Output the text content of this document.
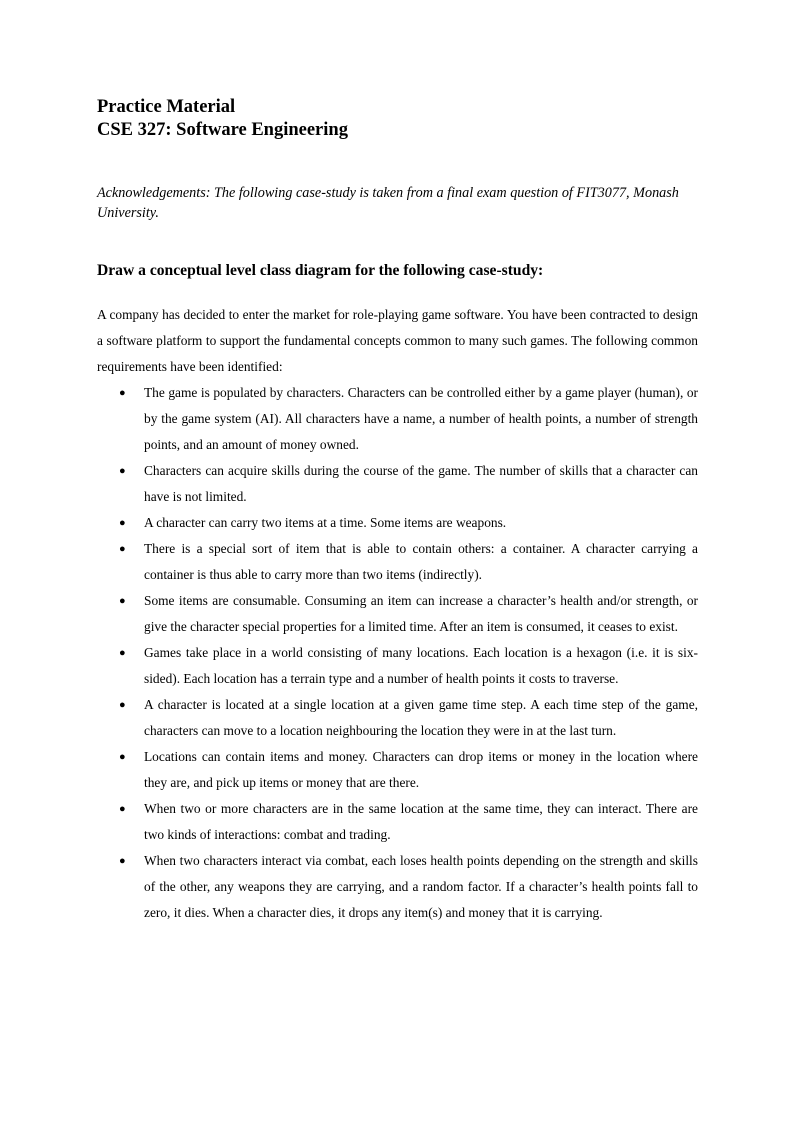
Practice Material
CSE 327: Software Engineering

Acknowledgements: The following case-study is taken from a final exam question of FIT3077, Monash University.

Draw a conceptual level class diagram for the following case-study:

A company has decided to enter the market for role-playing game software. You have been contracted to design a software platform to support the fundamental concepts common to many such games. The following common requirements have been identified:

● The game is populated by characters. Characters can be controlled either by a game player (human), or by the game system (AI). All characters have a name, a number of health points, a number of strength points, and an amount of money owned.
● Characters can acquire skills during the course of the game. The number of skills that a character can have is not limited.
● A character can carry two items at a time. Some items are weapons.
● There is a special sort of item that is able to contain others: a container. A character carrying a container is thus able to carry more than two items (indirectly).
● Some items are consumable. Consuming an item can increase a character’s health and/or strength, or give the character special properties for a limited time. After an item is consumed, it ceases to exist.
● Games take place in a world consisting of many locations. Each location is a hexagon (i.e. it is six-sided). Each location has a terrain type and a number of health points it costs to traverse.
● A character is located at a single location at a given game time step. A each time step of the game, characters can move to a location neighbouring the location they were in at the last turn.
● Locations can contain items and money. Characters can drop items or money in the location where they are, and pick up items or money that are there.
● When two or more characters are in the same location at the same time, they can interact. There are two kinds of interactions: combat and trading.
● When two characters interact via combat, each loses health points depending on the strength and skills of the other, any weapons they are carrying, and a random factor. If a character’s health points fall to zero, it dies. When a character dies, it drops any item(s) and money that it is carrying.
